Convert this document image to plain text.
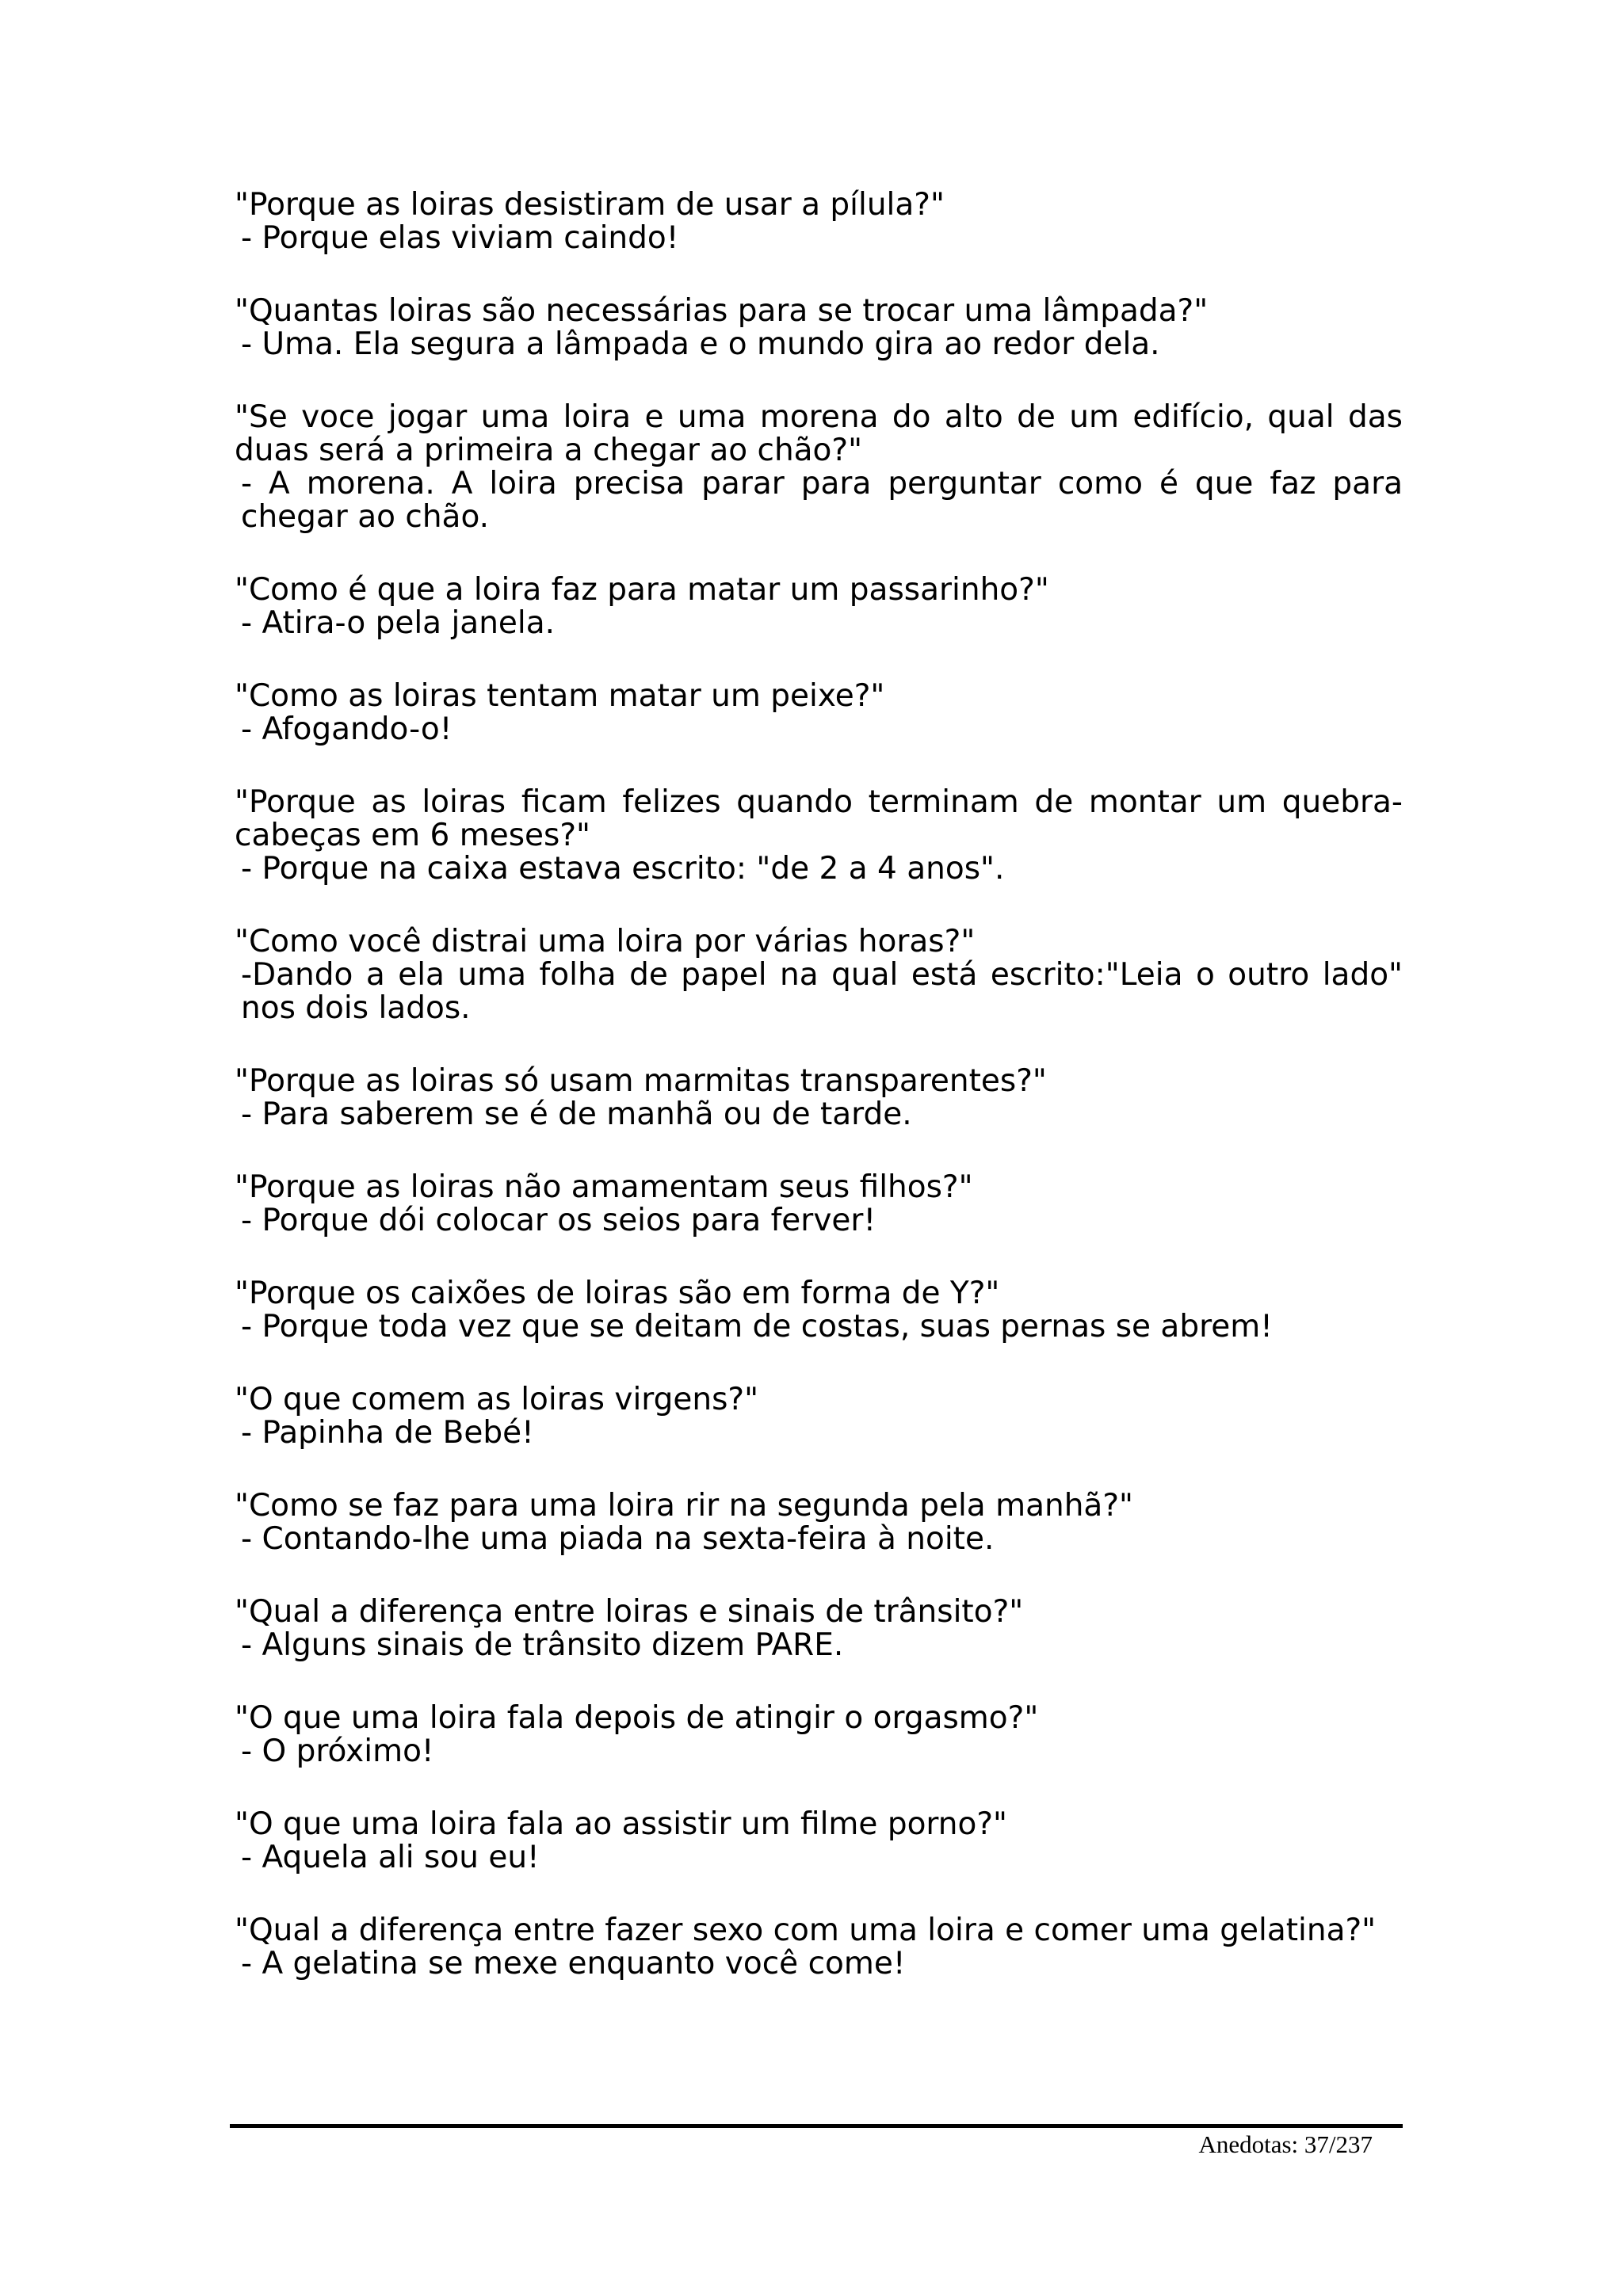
"Porque as loiras desistiram de usar a pílula?"

- Porque elas viviam caindo!

"Quantas loiras são necessárias para se trocar uma lâmpada?"

- Uma. Ela segura a lâmpada e o mundo gira ao redor dela.

"Se voce jogar uma loira e uma morena do alto de um edifício, qual das duas será a primeira a chegar ao chão?"

- A morena. A loira precisa parar para perguntar como é que faz para chegar ao chão.

"Como é que a loira faz para matar um passarinho?"

- Atira-o pela janela.

"Como as loiras tentam matar um peixe?"

- Afogando-o!

"Porque as loiras ficam felizes quando terminam de montar um quebra-cabeças em 6 meses?"

- Porque na caixa estava escrito: "de 2 a 4 anos".

"Como você distrai uma loira por várias horas?"

-Dando a ela uma folha de papel na qual está escrito:"Leia o outro lado" nos dois lados.

"Porque as loiras só usam marmitas transparentes?"

- Para saberem se é de manhã ou de tarde.

"Porque as loiras não amamentam seus filhos?"

- Porque dói colocar os seios para ferver!

"Porque os caixões de loiras são em forma de Y?"

- Porque toda vez que se deitam de costas, suas pernas se abrem!

"O que comem as loiras virgens?"

- Papinha de Bebé!

"Como se faz para uma loira rir na segunda pela manhã?"

- Contando-lhe uma piada na sexta-feira à noite.

"Qual a diferença entre loiras e sinais de trânsito?"

- Alguns sinais de trânsito dizem PARE.

"O que uma loira fala depois de atingir o orgasmo?"

- O próximo!

"O que uma loira fala ao assistir um filme porno?"

- Aquela ali sou eu!

"Qual a diferença entre fazer sexo com uma loira e comer uma gelatina?"

- A gelatina se mexe enquanto você come!

Anedotas: 37/237
